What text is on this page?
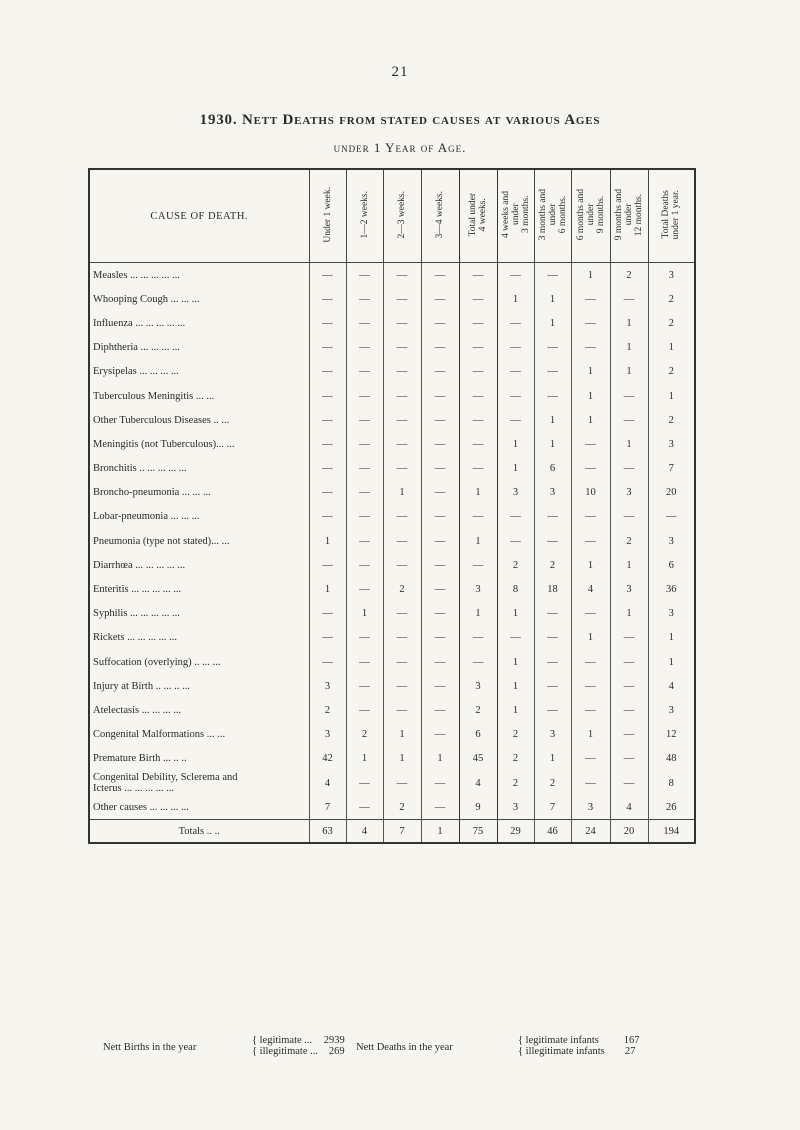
21
1930. Nett Deaths from stated causes at various Ages
under 1 Year of Age.
CAUSE OF DEATH.	Under 1 week.	1—2 weeks.	2—3 weeks.	3—4 weeks.	Total under
4 weeks.	4 weeks and
under
3 months.	3 months and
under
6 months.	6 months and
under
9 months.	9 months and
under
12 months.	Total Deaths
under 1 year.
Measles ... ... ... ... ...	—	—	—	—	—	—	—	1	2	3
Whooping Cough ... ... ...	—	—	—	—	—	1	1	—	—	2
Influenza ... ... ... ... ...	—	—	—	—	—	—	1	—	1	2
Diphtheria ... ... ... ...	—	—	—	—	—	—	—	—	1	1
Erysipelas ... ... ... ...	—	—	—	—	—	—	—	1	1	2
Tuberculous Meningitis ... ...	—	—	—	—	—	—	—	1	—	1
Other Tuberculous Diseases .. ...	—	—	—	—	—	—	1	1	—	2
Meningitis (not Tuberculous)... ...	—	—	—	—	—	1	1	—	1	3
Bronchitis .. ... ... ... ...	—	—	—	—	—	1	6	—	—	7
Broncho-pneumonia ... ... ...	—	—	1	—	1	3	3	10	3	20
Lobar-pneumonia ... ... ...	—	—	—	—	—	—	—	—	—	—
Pneumonia (type not stated)... ...	1	—	—	—	1	—	—	—	2	3
Diarrhœa ... ... ... ... ...	—	—	—	—	—	2	2	1	1	6
Enteritis ... ... ... ... ...	1	—	2	—	3	8	18	4	3	36
Syphilis ... ... ... ... ...	—	1	—	—	1	1	—	—	1	3
Rickets ... ... ... ... ...	—	—	—	—	—	—	—	1	—	1
Suffocation (overlying) .. ... ...	—	—	—	—	—	1	—	—	—	1
Injury at Birth .. ... .. ...	3	—	—	—	3	1	—	—	—	4
Atelectasis ... ... ... ...	2	—	—	—	2	1	—	—	—	3
Congenital Malformations ... ...	3	2	1	—	6	2	3	1	—	12
Premature Birth ... .. ..	42	1	1	1	45	2	1	—	—	48
Congenital Debility, Sclerema and
Icterus ... ... ... ... ...	4	—	—	—	4	2	2	—	—	8
Other causes ... ... ... ...	7	—	2	—	9	3	7	3	4	26
Totals .. ..	63	4	7	1	75	29	46	24	20	194
Nett Births in the year
{ legitimate ... 2939
{ illegitimate ... 269 Nett Deaths in the year
{ legitimate infants 167
{ illegitimate infants 27
